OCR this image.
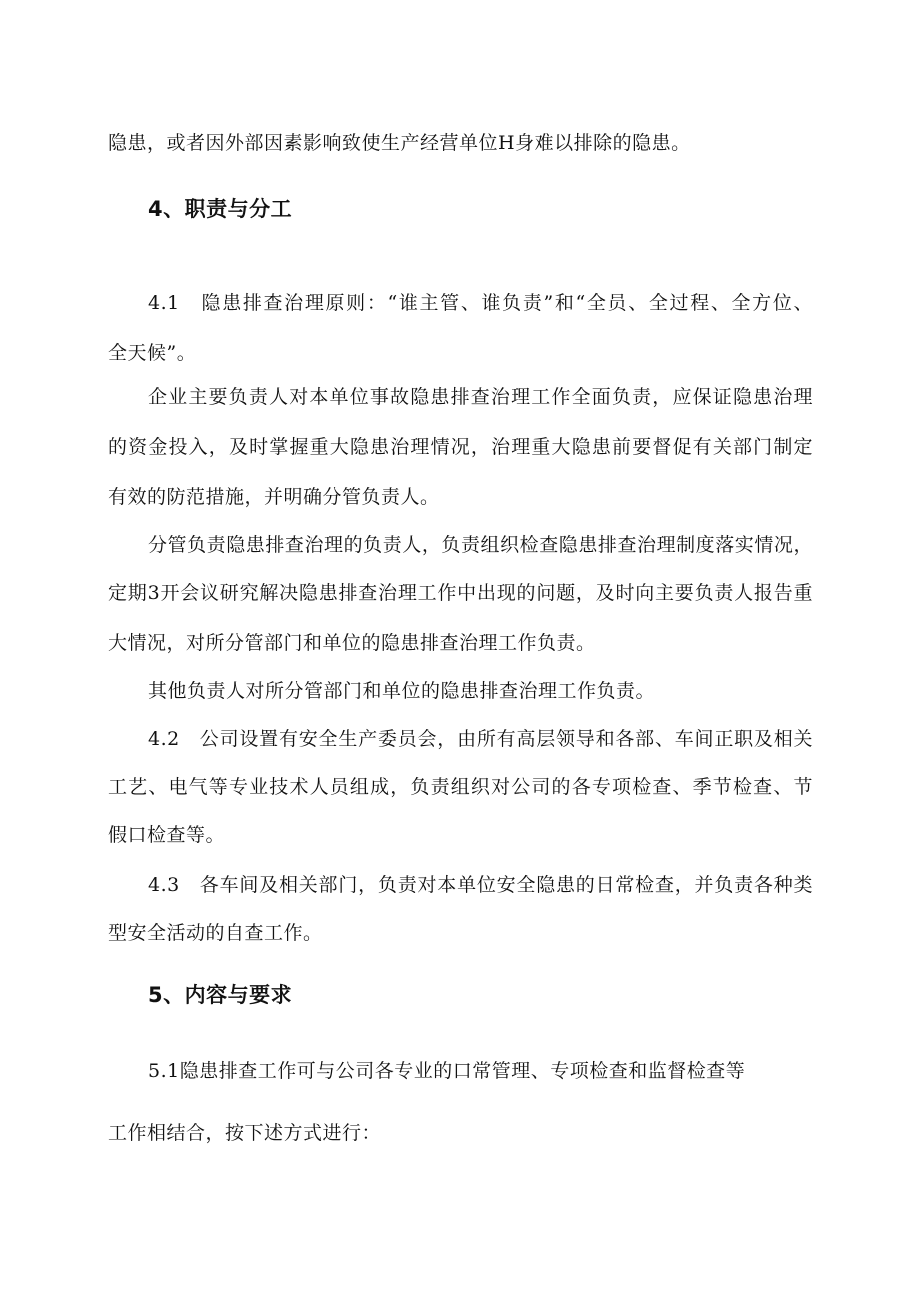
隐患，或者因外部因素影响致使生产经营单位H身难以排除的隐患。
4、职责与分工
4.1　隐患排查治理原则：“谁主管、谁负责”和“全员、全过程、全方位、
全天候”。
企业主要负责人对本单位事故隐患排查治理工作全面负责，应保证隐患治理
的资金投入，及时掌握重大隐患治理情况，治理重大隐患前要督促有关部门制定
有效的防范措施，并明确分管负责人。
分管负责隐患排查治理的负责人，负责组织检查隐患排查治理制度落实情况，
定期3开会议研究解决隐患排查治理工作中出现的问题，及时向主要负责人报告重
大情况，对所分管部门和单位的隐患排查治理工作负责。
其他负责人对所分管部门和单位的隐患排查治理工作负责。
4.2　公司设置有安全生产委员会，由所有高层领导和各部、车间正职及相关
工艺、电气等专业技术人员组成，负责组织对公司的各专项检查、季节检查、节
假口检查等。
4.3　各车间及相关部门，负责对本单位安全隐患的日常检查，并负责各种类
型安全活动的自查工作。
5、内容与要求
5.1隐患排查工作可与公司各专业的口常管理、专项检查和监督检查等
工作相结合，按下述方式进行：
